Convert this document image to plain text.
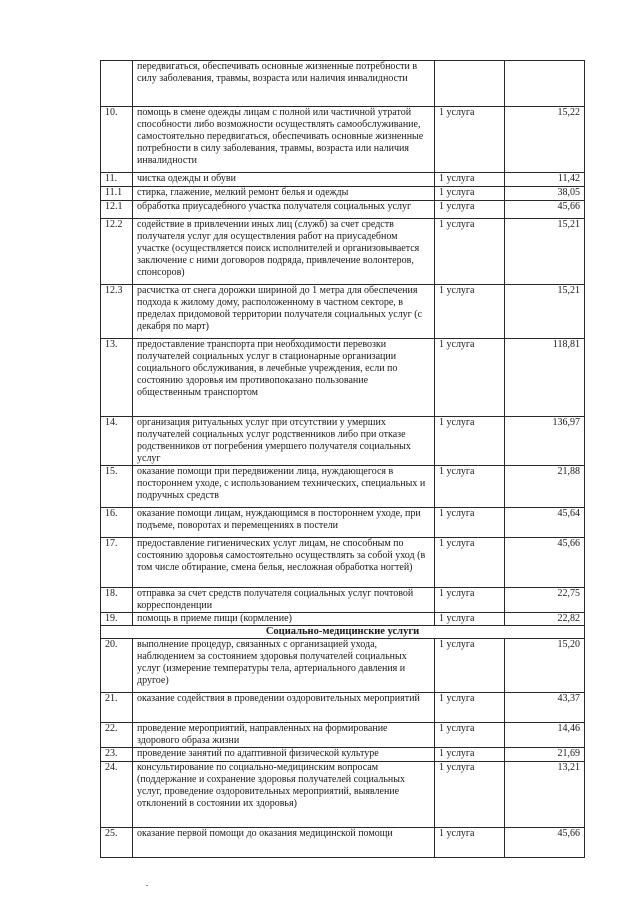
	передвигаться, обеспечивать основные жизненные потребности в силу заболевания, травмы, возраста или наличия инвалидности		
10.	помощь в смене одежды лицам с полной или частичной утратой способности либо возможности осуществлять самообслуживание, самостоятельно передвигаться, обеспечивать основные жизненные потребности в силу заболевания, травмы, возраста или наличия инвалидности	1 услуга	15,22
11.	чистка одежды и обуви	1 услуга	11,42
11.1	стирка, глажение, мелкий ремонт белья и одежды	1 услуга	38,05
12.1	обработка приусадебного участка получателя социальных услуг	1 услуга	45,66
12.2	содействие в привлечении иных лиц (служб) за счет средств получателя услуг для осуществления работ на приусадебном участке (осуществляется поиск исполнителей и организовывается заключение с ними договоров подряда, привлечение волонтеров, спонсоров)	1 услуга	15,21
12.3	расчистка от снега дорожки шириной до 1 метра для обеспечения подхода к жилому дому, расположенному в частном секторе, в пределах придомовой территории получателя социальных услуг (с декабря по март)	1 услуга	15,21
13.	предоставление транспорта при необходимости перевозки получателей социальных услуг в стационарные организации социального обслуживания, в лечебные учреждения, если по состоянию здоровья им противопоказано пользование общественным транспортом	1 услуга	118,81
14.	организация ритуальных услуг при отсутствии у умерших получателей социальных услуг родственников либо при отказе родственников от погребения умершего получателя социальных услуг	1 услуга	136,97
15.	оказание помощи при передвижении лица, нуждающегося в постороннем уходе, с использованием технических, специальных и подручных средств	1 услуга	21,88
16.	оказание помощи лицам, нуждающимся в постороннем уходе, при подъеме, поворотах и перемещениях в постели	1 услуга	45,64
17.	предоставление гигиенических услуг лицам, не способным по состоянию здоровья самостоятельно осуществлять за собой уход (в том числе обтирание, смена белья, несложная обработка ногтей)	1 услуга	45,66
18.	отправка за счет средств получателя социальных услуг почтовой корреспонденции	1 услуга	22,75
19.	помощь в приеме пищи (кормление)	1 услуга	22,82
Социально-медицинские услуги			
20.	выполнение процедур, связанных с организацией ухода, наблюдением за состоянием здоровья получателей социальных услуг (измерение температуры тела, артериального давления и другое)	1 услуга	15,20
21.	оказание содействия в проведении оздоровительных мероприятий	1 услуга	43,37
22.	проведение мероприятий, направленных на формирование здорового образа жизни	1 услуга	14,46
23.	проведение занятий по адаптивной физической культуре	1 услуга	21,69
24.	консультирование по социально-медицинским вопросам (поддержание и сохранение здоровья получателей социальных услуг, проведение оздоровительных мероприятий, выявление отклонений в состоянии их здоровья)	1 услуга	13,21
25.	оказание первой помощи до оказания медицинской помощи	1 услуга	45,66
